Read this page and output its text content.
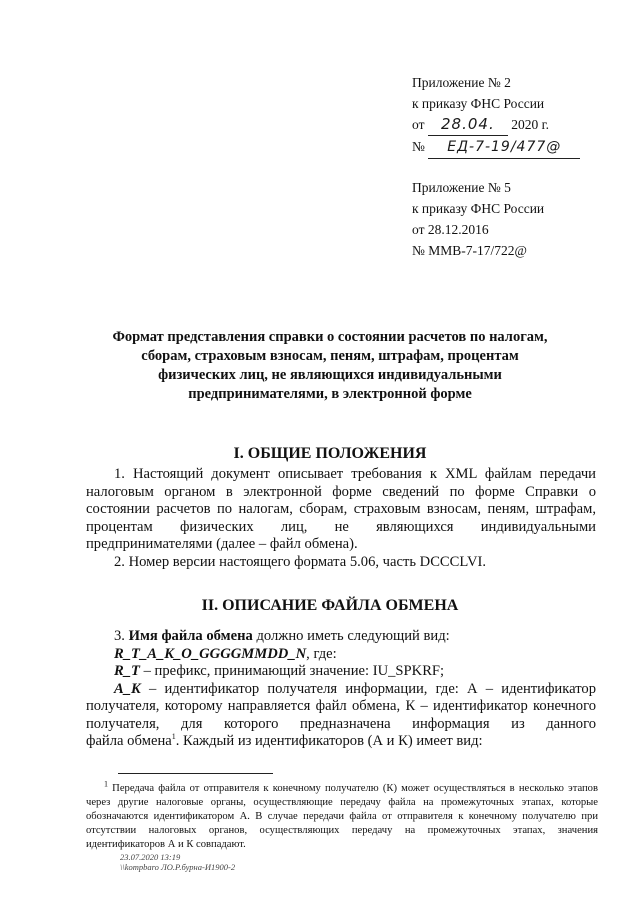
Приложение № 2
к приказу ФНС России
от 28.04. 2020 г.
№ ЕД-7-19/477@
Приложение № 5
к приказу ФНС России
от 28.12.2016
№ ММВ-7-17/722@
Формат представления справки о состоянии расчетов по налогам,
сборам, страховым взносам, пеням, штрафам, процентам
физических лиц, не являющихся индивидуальными
предпринимателями, в электронной форме
I. ОБЩИЕ ПОЛОЖЕНИЯ

1. Настоящий документ описывает требования к XML файлам передачи налоговым органом в электронной форме сведений по форме Справки о состоянии расчетов по налогам, сборам, страховым взносам, пеням, штрафам, процентам физических лиц, не являющихся индивидуальными

предпринимателями (далее – файл обмена).

2. Номер версии настоящего формата 5.06, часть DCCCLVI.

II. ОПИСАНИЕ ФАЙЛА ОБМЕНА

3. Имя файла обмена должно иметь следующий вид:

R_T_A_K_O_GGGGMMDD_N, где:

R_T – префикс, принимающий значение: IU_SPKRF;

A_K – идентификатор получателя информации, где: А – идентификатор получателя, которому направляется файл обмена, К – идентификатор конечного получателя, для которого предназначена информация из данного

файла обмена$^1$. Каждый из идентификаторов (А и К) имеет вид:

$^1$ Передача файла от отправителя к конечному получателю (К) может осуществляться в несколько этапов через другие налоговые органы, осуществляющие передачу файла на промежуточных этапах, которые обозначаются идентификатором А. В случае передачи файла от отправителя к конечному получателю при отсутствии налоговых органов, осуществляющих передачу на промежуточных этапах, значения идентификаторов А и К совпадают.

23.07.2020 13:19
\\kompbaro ЛО.Р.бурна-И1900-2
